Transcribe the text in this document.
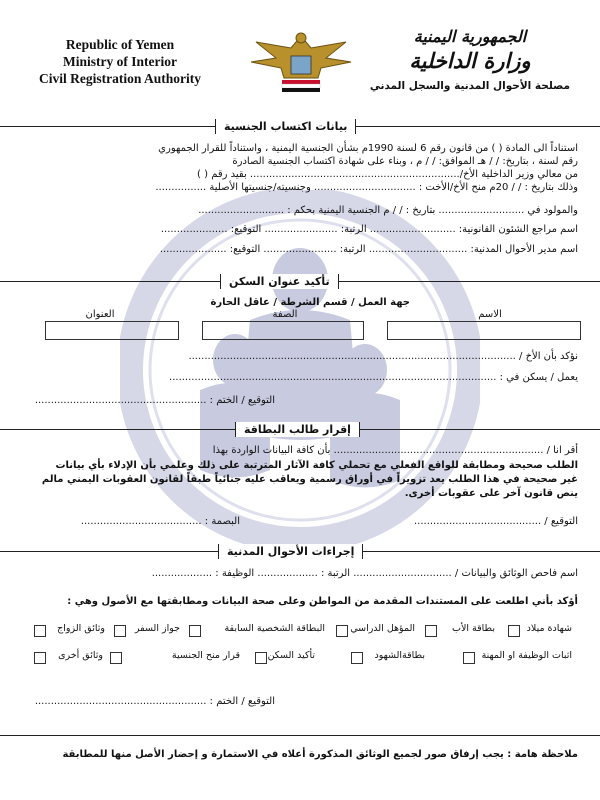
Republic of Yemen
Ministry of Interior
Civil Registration Authority
الجمهورية اليمنية
وزارة الداخلية
مصلحة الأحوال المدنية والسجل المدني
بيانات اكتساب الجنسية
استناداً الى المادة ( ) من قانون رقم 6 لسنة 1990م بشأن الجنسية اليمنية ، واستناداً للقرار الجمهوري
رقم لسنة ، بتاريخ: / / هـ الموافق: / / م ، وبناء على شهادة اكتساب الجنسية الصادرة
من معالي وزير الداخلية الأخ/.................................................................. بقيد رقم ( )
وذلك بتاريخ : / / 20م منح الأخ/الأخت : ................................ وجنسيته/جنسيتها الأصلية ................
والمولود في ........................... بتاريخ : / / م الجنسية اليمنية بحكم : ...........................
اسم مراجع الشئون القانونية: ........................... الرتبة: ....................... التوقيع: .....................
اسم مدير الأحوال المدنية: ............................... الرتبة: ....................... التوقيع: .....................
تأكيد عنوان السكن
جهة العمل / قسم الشرطة / عاقل الحارة
الاسم
الصفة
العنوان
نؤكد بأن الأخ / .......................................................................................................
يعمل / يسكن في : .......................................................................................................
التوقيع / الختم : ......................................................
إقرار طالب البطاقة
أقر انا / .................................................................. بأن كافة البيانات الواردة بهذا
الطلب صحيحة ومطابقة للواقع الفعلي مع تحملي كافة الآثار المترتبة على ذلك وعلمي بأن الإدلاء بأي بيانات
غير صحيحة في هذا الطلب يعد تزويراً في أوراق رسمية ويعاقب عليه جنائياً طبقاً لقانون العقوبات اليمني مالم
ينص قانون آخر على عقوبات أخرى.
التوقيع / ........................................
البصمة : ......................................
إجراءات الأحوال المدنية
اسم فاحص الوثائق والبيانات / ............................... الرتبة : ................... الوظيفة : ...................
أؤكد بأني اطلعت على المستندات المقدمة من المواطن وعلى صحة البيانات ومطابقتها مع الأصول وهي :
شهادة ميلاد
بطاقة الأب
المؤهل الدراسي
البطاقة الشخصية السابقة
جواز السفر
وثائق الزواج
اثبات الوظيفة او المهنة
بطاقةالشهود
تأكيد السكن
قرار منح الجنسية
وثائق أخرى
التوقيع / الختم : ......................................................
ملاحظة هامة : يجب إرفاق صور لجميع الوثائق المذكورة أعلاه في الاستمارة و إحضار الأصل منها للمطابقة
